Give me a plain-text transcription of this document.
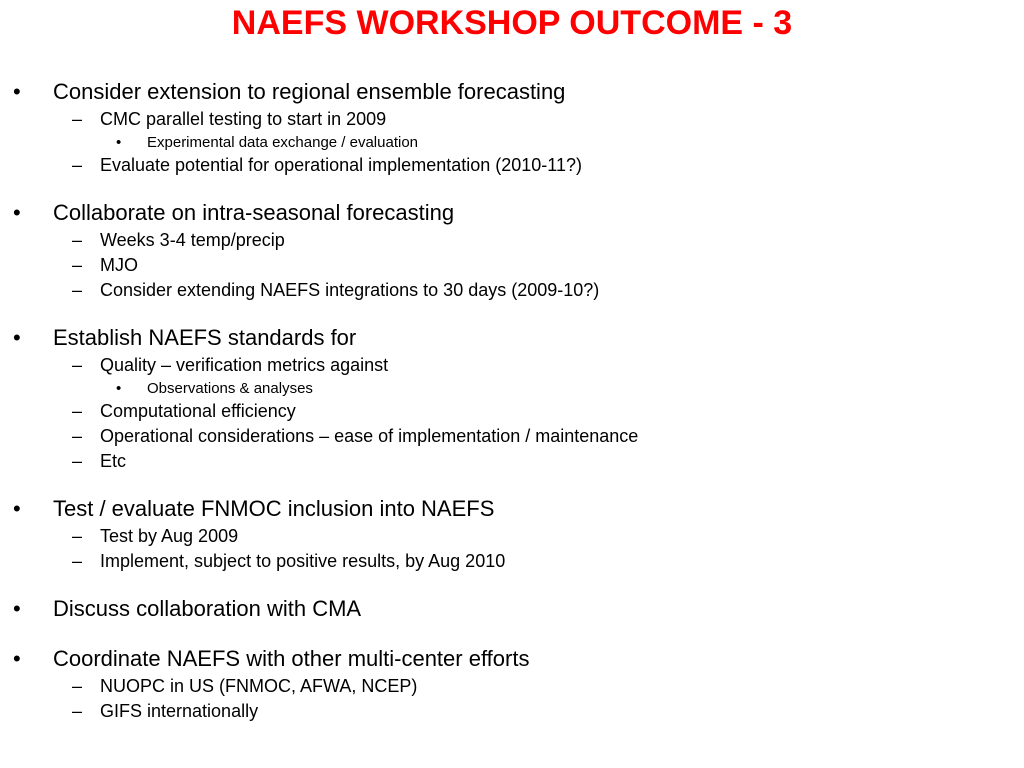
NAEFS WORKSHOP OUTCOME - 3
• Consider extension to regional ensemble forecasting
– CMC parallel testing to start in 2009
• Experimental data exchange / evaluation
– Evaluate potential for operational implementation (2010-11?)
• Collaborate on intra-seasonal forecasting
– Weeks 3-4 temp/precip
– MJO
– Consider extending NAEFS integrations to 30 days (2009-10?)
• Establish NAEFS standards for
– Quality – verification metrics against
• Observations & analyses
– Computational efficiency
– Operational considerations – ease of implementation / maintenance
– Etc
• Test / evaluate FNMOC inclusion into NAEFS
– Test by Aug 2009
– Implement, subject to positive results, by Aug 2010
• Discuss collaboration with CMA
• Coordinate NAEFS with other multi-center efforts
– NUOPC in US (FNMOC, AFWA, NCEP)
– GIFS internationally
